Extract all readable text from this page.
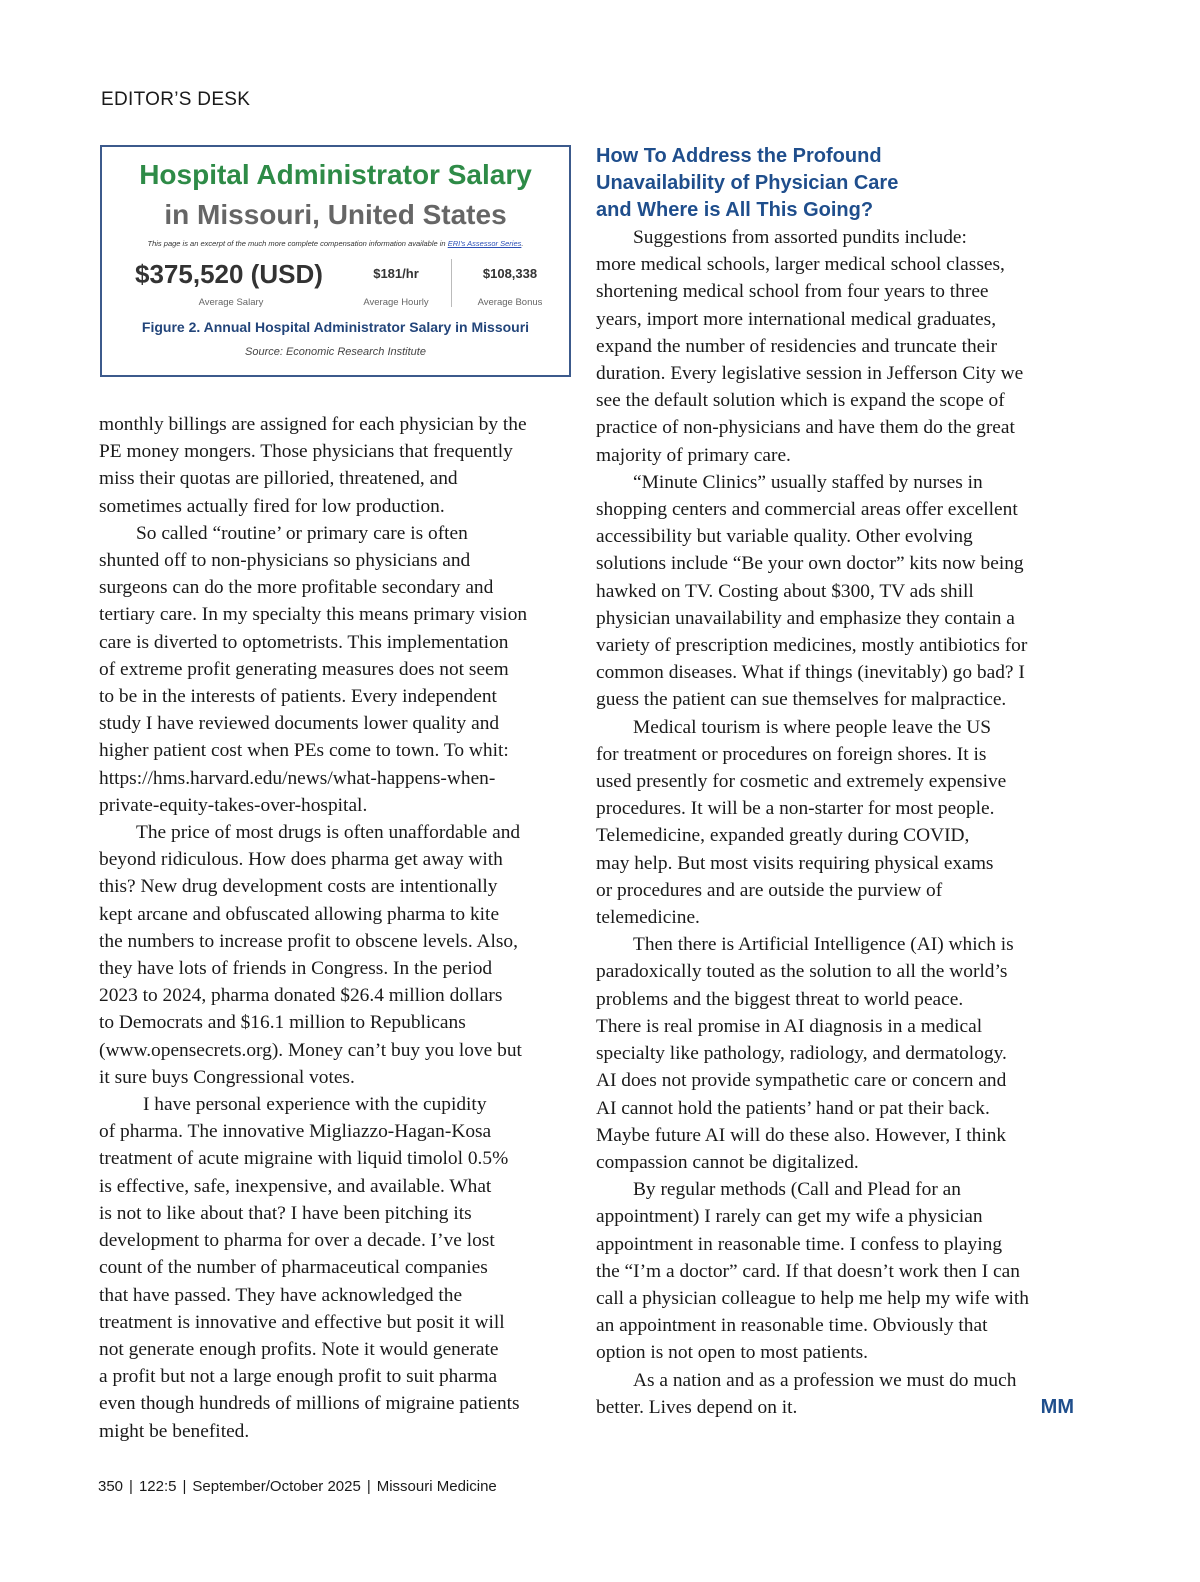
EDITOR’S DESK
Hospital Administrator Salary
in Missouri, United States
This page is an excerpt of the much more complete compensation information available in ERI's Assessor Series.
$375,520 (USD)
Average Salary
$181/hr
Average Hourly
$108,338
Average Bonus
Figure 2. Annual Hospital Administrator Salary in Missouri
Source: Economic Research Institute

monthly billings are assigned for each physician by the

PE money mongers. Those physicians that frequently

miss their quotas are pilloried, threatened, and

sometimes actually fired for low production.

So called “routine’ or primary care is often

shunted off to non-physicians so physicians and

surgeons can do the more profitable secondary and

tertiary care. In my specialty this means primary vision

care is diverted to optometrists. This implementation

of extreme profit generating measures does not seem

to be in the interests of patients. Every independent

study I have reviewed documents lower quality and

higher patient cost when PEs come to town. To whit:

https://hms.harvard.edu/news/what-happens-when-

private-equity-takes-over-hospital.

The price of most drugs is often unaffordable and

beyond ridiculous. How does pharma get away with

this? New drug development costs are intentionally

kept arcane and obfuscated allowing pharma to kite

the numbers to increase profit to obscene levels. Also,

they have lots of friends in Congress. In the period

2023 to 2024, pharma donated $26.4 million dollars

to Democrats and $16.1 million to Republicans

(www.opensecrets.org). Money can’t buy you love but

it sure buys Congressional votes.

I have personal experience with the cupidity

of pharma. The innovative Migliazzo-Hagan-Kosa

treatment of acute migraine with liquid timolol 0.5%

is effective, safe, inexpensive, and available. What

is not to like about that? I have been pitching its

development to pharma for over a decade. I’ve lost

count of the number of pharmaceutical companies

that have passed. They have acknowledged the

treatment is innovative and effective but posit it will

not generate enough profits. Note it would generate

a profit but not a large enough profit to suit pharma

even though hundreds of millions of migraine patients

might be benefited.

How To Address the Profound
Unavailability of Physician Care
and Where is All This Going?

Suggestions from assorted pundits include:

more medical schools, larger medical school classes,

shortening medical school from four years to three

years, import more international medical graduates,

expand the number of residencies and truncate their

duration. Every legislative session in Jefferson City we

see the default solution which is expand the scope of

practice of non-physicians and have them do the great

majority of primary care.

“Minute Clinics” usually staffed by nurses in

shopping centers and commercial areas offer excellent

accessibility but variable quality. Other evolving

solutions include “Be your own doctor” kits now being

hawked on TV. Costing about $300, TV ads shill

physician unavailability and emphasize they contain a

variety of prescription medicines, mostly antibiotics for

common diseases. What if things (inevitably) go bad? I

guess the patient can sue themselves for malpractice.

Medical tourism is where people leave the US

for treatment or procedures on foreign shores. It is

used presently for cosmetic and extremely expensive

procedures. It will be a non-starter for most people.

Telemedicine, expanded greatly during COVID,

may help. But most visits requiring physical exams

or procedures and are outside the purview of

telemedicine.

Then there is Artificial Intelligence (AI) which is

paradoxically touted as the solution to all the world’s

problems and the biggest threat to world peace.

There is real promise in AI diagnosis in a medical

specialty like pathology, radiology, and dermatology.

AI does not provide sympathetic care or concern and

AI cannot hold the patients’ hand or pat their back.

Maybe future AI will do these also. However, I think

compassion cannot be digitalized.

By regular methods (Call and Plead for an

appointment) I rarely can get my wife a physician

appointment in reasonable time. I confess to playing

the “I’m a doctor” card. If that doesn’t work then I can

call a physician colleague to help me help my wife with

an appointment in reasonable time. Obviously that

option is not open to most patients.

As a nation and as a profession we must do much

better. Lives depend on it.	MM

350 | 122:5 | September/October 2025 | Missouri Medicine
